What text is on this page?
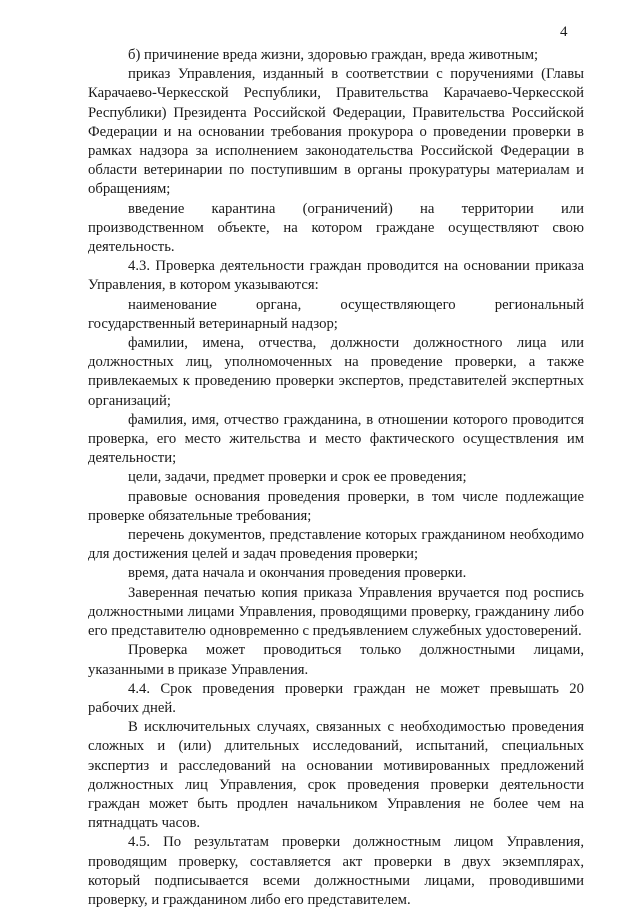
4

б) причинение вреда жизни, здоровью граждан, вреда животным;

приказ Управления, изданный в соответствии с поручениями (Главы Карачаево-Черкесской Республики, Правительства Карачаево-Черкесской Республики) Президента Российской Федерации, Правительства Российской Федерации и на основании требования прокурора о проведении проверки в рамках надзора за исполнением законодательства Российской Федерации в области ветеринарии по поступившим в органы прокуратуры материалам и обращениям;

введение карантина (ограничений) на территории или производственном объекте, на котором граждане осуществляют свою деятельность.

4.3. Проверка деятельности граждан проводится на основании приказа Управления, в котором указываются:

наименование органа, осуществляющего региональный государственный ветеринарный надзор;

фамилии, имена, отчества, должности должностного лица или должностных лиц, уполномоченных на проведение проверки, а также привлекаемых к проведению проверки экспертов, представителей экспертных организаций;

фамилия, имя, отчество гражданина, в отношении которого проводится проверка, его место жительства и место фактического осуществления им деятельности;

цели, задачи, предмет проверки и срок ее проведения;

правовые основания проведения проверки, в том числе подлежащие проверке обязательные требования;

перечень документов, представление которых гражданином необходимо для достижения целей и задач проведения проверки;

время, дата начала и окончания проведения проверки.

Заверенная печатью копия приказа Управления вручается под роспись должностными лицами Управления, проводящими проверку, гражданину либо его представителю одновременно с предъявлением служебных удостоверений.

Проверка может проводиться только должностными лицами, указанными в приказе Управления.

4.4. Срок проведения проверки граждан не может превышать 20 рабочих дней.

В исключительных случаях, связанных с необходимостью проведения сложных и (или) длительных исследований, испытаний, специальных экспертиз и расследований на основании мотивированных предложений должностных лиц Управления, срок проведения проверки деятельности граждан может быть продлен начальником Управления не более чем на пятнадцать часов.

4.5. По результатам проверки должностным лицом Управления, проводящим проверку, составляется акт проверки в двух экземплярах, который подписывается всеми должностными лицами, проводившими проверку, и гражданином либо его представителем.
